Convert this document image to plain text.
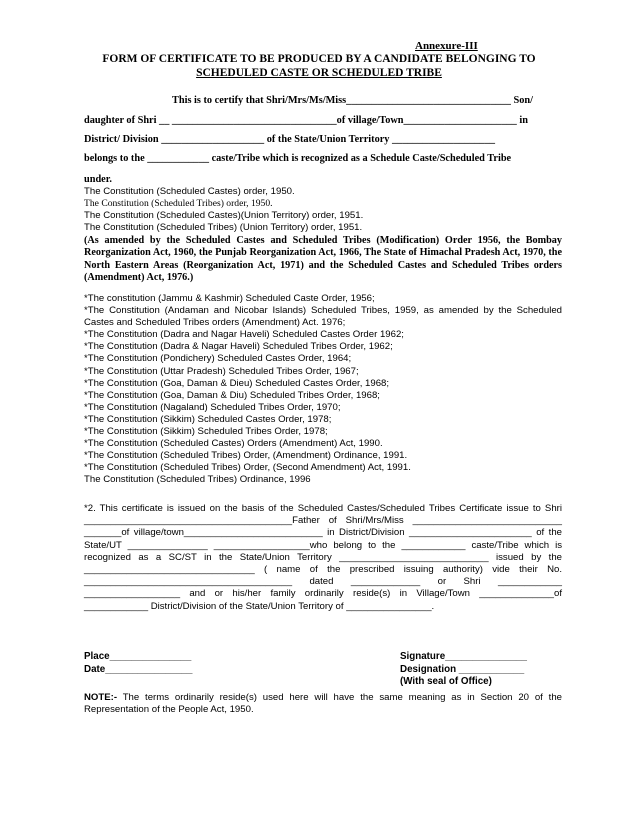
Annexure-III
FORM OF CERTIFICATE TO BE PRODUCED BY A CANDIDATE BELONGING TO
SCHEDULED CASTE OR SCHEDULED TRIBE

This is to certify that Shri/Mrs/Ms/Miss________________________________ Son/

daughter of Shri __ ________________________________of village/Town______________________ in

District/ Division ____________________ of the State/Union Territory ____________________

belongs to the ____________ caste/Tribe which is recognized as a Schedule Caste/Scheduled Tribe

under.

The Constitution (Scheduled Castes) order, 1950.

The Constitution (Scheduled Tribes) order, 1950.

The Constitution (Scheduled Castes)(Union Territory) order, 1951.

The Constitution (Scheduled Tribes) (Union Territory) order, 1951.

(As amended by the Scheduled Castes and Scheduled Tribes (Modification) Order 1956, the Bombay Reorganization Act, 1960, the Punjab Reorganization Act, 1966, The State of Himachal Pradesh Act, 1970, the North Eastern Areas (Reorganization Act, 1971) and the Scheduled Castes and Scheduled Tribes orders (Amendment) Act, 1976.)

*The constitution (Jammu & Kashmir) Scheduled Caste Order, 1956;

*The Constitution (Andaman and Nicobar Islands) Scheduled Tribes, 1959, as amended by the Scheduled Castes and Scheduled Tribes orders (Amendment) Act. 1976;

*The Constitution (Dadra and Nagar Haveli) Scheduled Castes Order 1962;

*The Constitution (Dadra & Nagar Haveli) Scheduled Tribes Order, 1962;

*The Constitution (Pondichery) Scheduled Castes Order, 1964;

*The Constitution (Uttar Pradesh) Scheduled Tribes Order, 1967;

*The Constitution (Goa, Daman & Dieu) Scheduled Castes Order, 1968;

*The Constitution (Goa, Daman & Diu) Scheduled Tribes Order, 1968;

*The Constitution (Nagaland) Scheduled Tribes Order, 1970;

*The Constitution (Sikkim) Scheduled Castes Order, 1978;

*The Constitution (Sikkim) Scheduled Tribes Order, 1978;

*The Constitution (Scheduled Castes) Orders (Amendment) Act, 1990.

*The Constitution (Scheduled Tribes) Order, (Amendment) Ordinance, 1991.

*The Constitution (Scheduled Tribes) Order, (Second Amendment) Act, 1991.

The Constitution (Scheduled Tribes) Ordinance, 1996

*2. This certificate is issued on the basis of the Scheduled Castes/Scheduled Tribes Certificate issue to Shri _______________________________________Father of Shri/Mrs/Miss ____________________________ _______of village/town__________________________ in District/Division _______________________ of the State/UT _______________ __________________who belong to the ____________ caste/Tribe which is recognized as a SC/ST in the State/Union Territory ____________________________ issued by the ________________________________ ( name of the prescribed issuing authority) vide their No. _______________________________________ dated _____________ or Shri ____________ __________________ and or his/her family ordinarily reside(s) in Village/Town ______________of ____________ District/Division of the State/Union Territory of ________________.

Place_______________
Date________________
Signature_______________
Designation ____________
(With seal of Office)
NOTE:- The terms ordinarily reside(s) used here will have the same meaning as in Section 20 of the Representation of the People Act, 1950.
